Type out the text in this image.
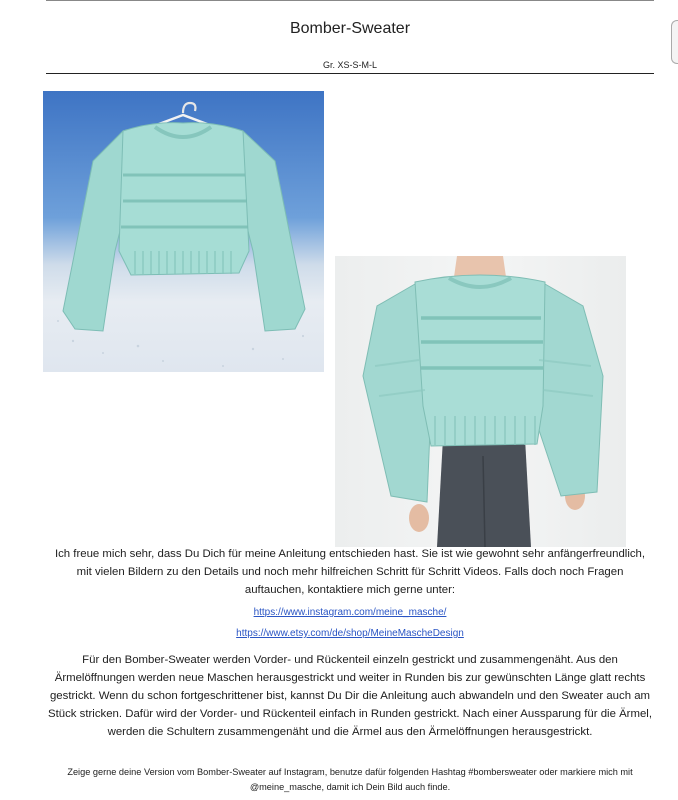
Bomber-Sweater
Gr. XS-S-M-L

Ich freue mich sehr, dass Du Dich für meine Anleitung entschieden hast. Sie ist wie gewohnt sehr anfängerfreundlich, mit vielen Bildern zu den Details und noch mehr hilfreichen Schritt für Schritt Videos. Falls doch noch Fragen auftauchen, kontaktiere mich gerne unter:

https://www.instagram.com/meine_masche/
https://www.etsy.com/de/shop/MeineMascheDesign

Für den Bomber-Sweater werden Vorder- und Rückenteil einzeln gestrickt und zusammengenäht. Aus den Ärmelöffnungen werden neue Maschen herausgestrickt und weiter in Runden bis zur gewünschten Länge glatt rechts gestrickt. Wenn du schon fortgeschrittener bist, kannst Du Dir die Anleitung auch abwandeln und den Sweater auch am Stück stricken. Dafür wird der Vorder- und Rückenteil einfach in Runden gestrickt. Nach einer Aussparung für die Ärmel, werden die Schultern zusammengenäht und die Ärmel aus den Ärmelöffnungen herausgestrickt.

Zeige gerne deine Version vom Bomber-Sweater auf Instagram, benutze dafür folgenden Hashtag #bombersweater oder markiere mich mit @meine_masche, damit ich Dein Bild auch finde.
